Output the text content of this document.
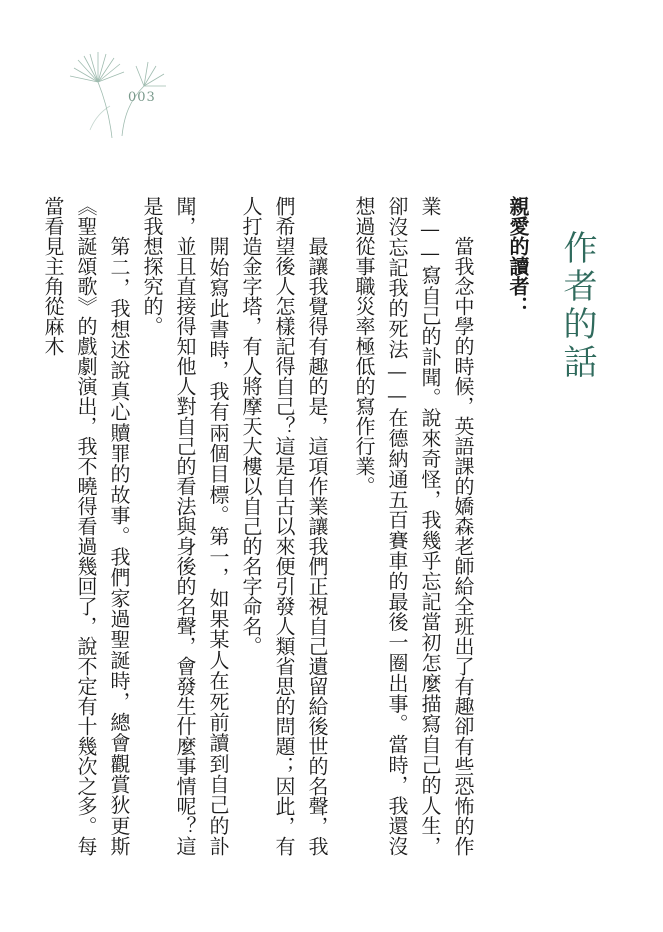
003
作者的話

親愛的讀者：

當我念中學的時候，英語課的嬌森老師給全班出了有趣卻有些恐怖的作業——寫自己的訃聞。說來奇怪，我幾乎忘記當初怎麼描寫自己的人生，卻沒忘記我的死法——在德納通五百賽車的最後一圈出事。當時，我還沒想過從事職災率極低的寫作行業。

最讓我覺得有趣的是，這項作業讓我們正視自己遺留給後世的名聲，我們希望後人怎樣記得自己？這是自古以來便引發人類省思的問題；因此，有人打造金字塔，有人將摩天大樓以自己的名字命名。

開始寫此書時，我有兩個目標。第一，如果某人在死前讀到自己的訃聞，並且直接得知他人對自己的看法與身後的名聲，會發生什麼事情呢？這是我想探究的。

第二，我想述說真心贖罪的故事。我們家過聖誕時，總會觀賞狄更斯《聖誕頌歌》的戲劇演出，我不曉得看過幾回了，說不定有十幾次之多。每當看見主角從麻木
